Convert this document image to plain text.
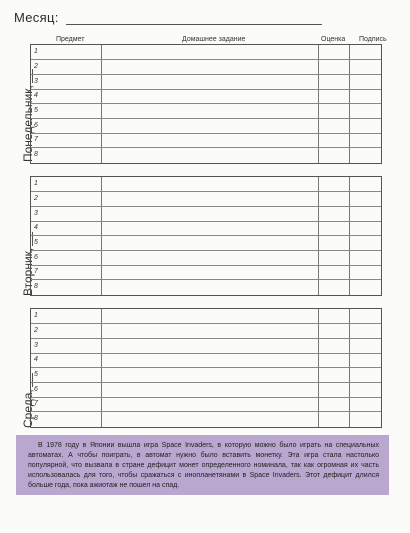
Месяц:
Предмет	Домашнее задание	Оценка Подпись
Понедельник,
1
2
3
4
5
6
7
8
Вторник,
1
2
3
4
5
6
7
8
Среда,
1
2
3
4
5
6
7
8

В 1978 году в Японии вышла игра Space Invaders, в которую можно было играть на специальных автоматах. А чтобы поиграть, в автомат нужно было вставить монетку. Эта игра стала настолько популярной, что вызвала в стране дефицит монет определенного номинала, так как огромная их часть использовалась для того, чтобы сражаться с инопланетянами в Space Invaders. Этот дефицит длился больше года, пока ажиотаж не пошел на спад.
